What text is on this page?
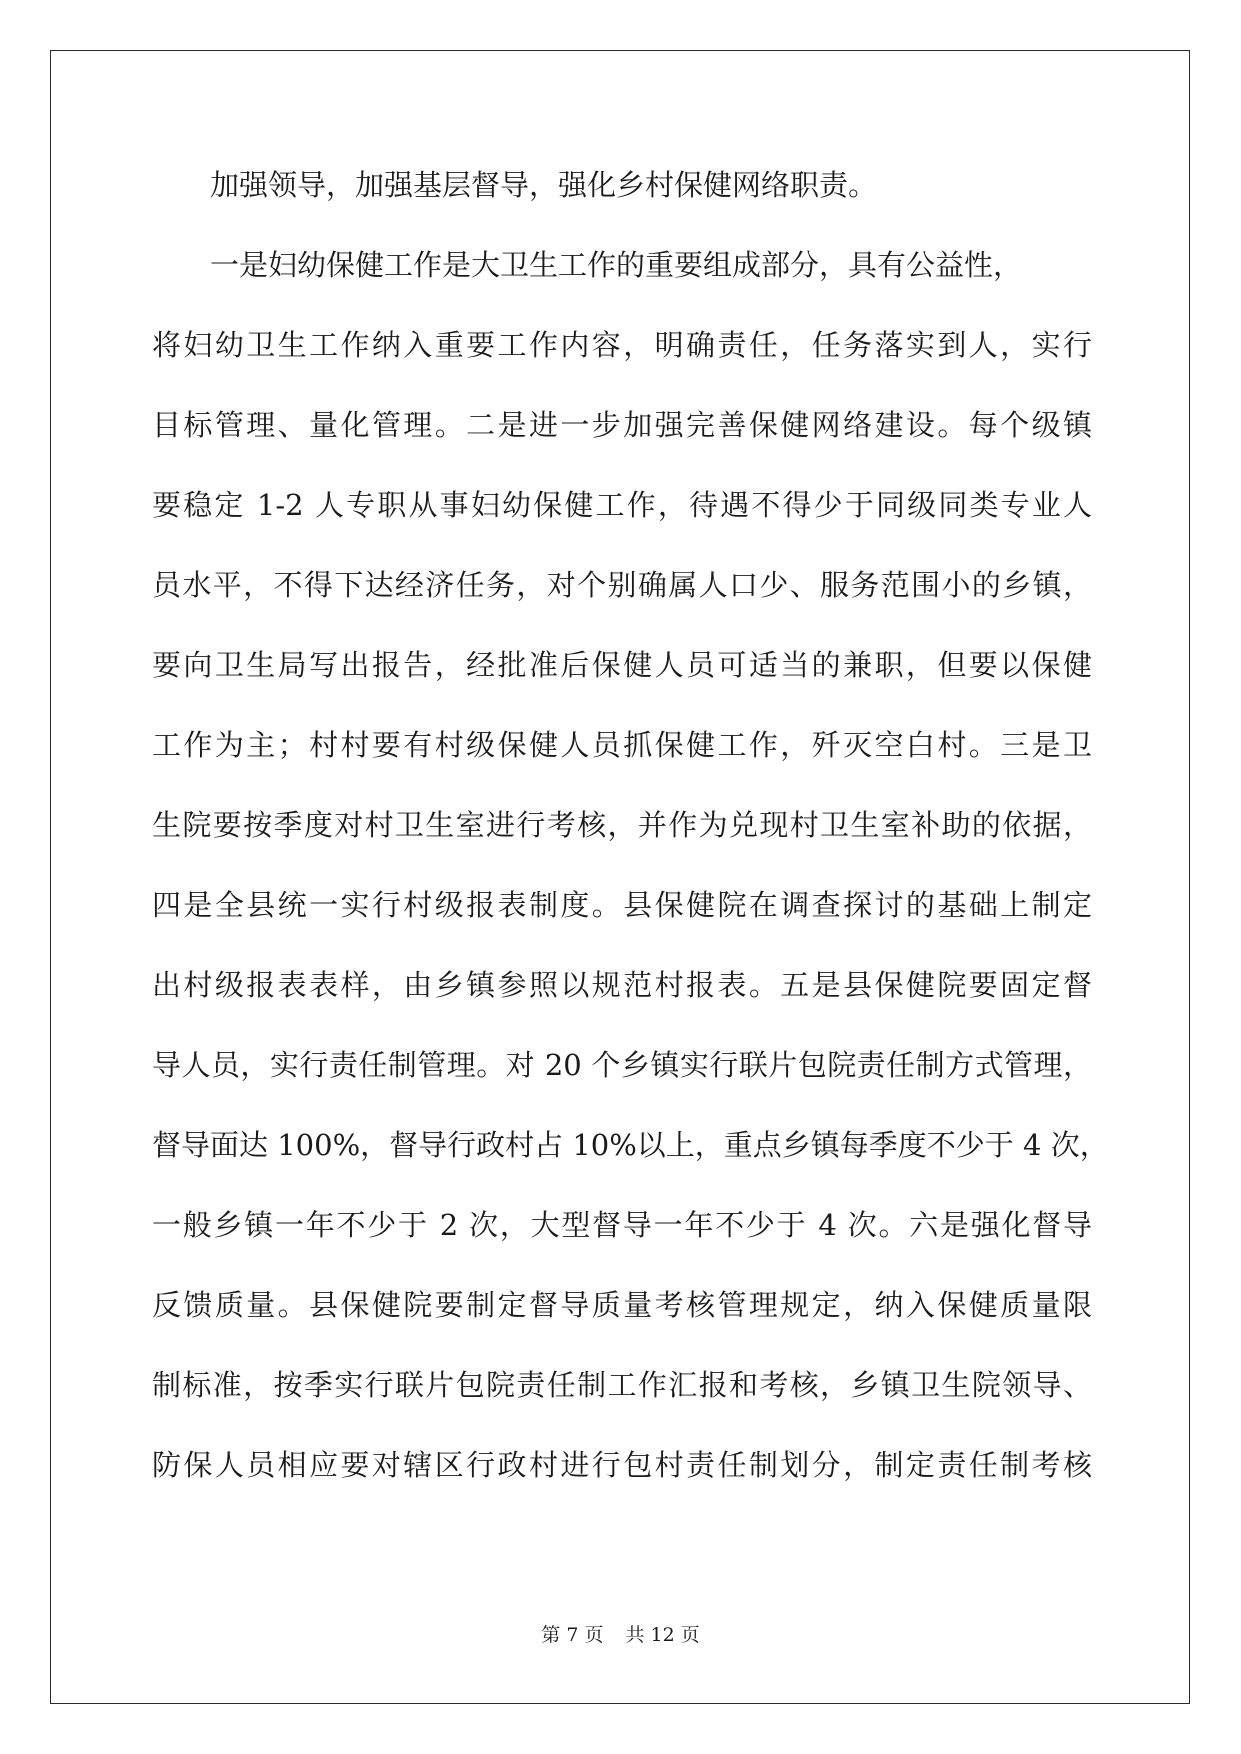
加强领导，加强基层督导，强化乡村保健网络职责。
一是妇幼保健工作是大卫生工作的重要组成部分，具有公益性，
将妇幼卫生工作纳入重要工作内容，明确责任，任务落实到人，实行
目标管理、量化管理。二是进一步加强完善保健网络建设。每个级镇
要稳定 1-2 人专职从事妇幼保健工作，待遇不得少于同级同类专业人
员水平，不得下达经济任务，对个别确属人口少、服务范围小的乡镇，
要向卫生局写出报告，经批准后保健人员可适当的兼职，但要以保健
工作为主；村村要有村级保健人员抓保健工作，歼灭空白村。三是卫
生院要按季度对村卫生室进行考核，并作为兑现村卫生室补助的依据，
四是全县统一实行村级报表制度。县保健院在调查探讨的基础上制定
出村级报表表样，由乡镇参照以规范村报表。五是县保健院要固定督
导人员，实行责任制管理。对 20 个乡镇实行联片包院责任制方式管理，
督导面达 100%，督导行政村占 10%以上，重点乡镇每季度不少于 4 次，
一般乡镇一年不少于 2 次，大型督导一年不少于 4 次。六是强化督导
反馈质量。县保健院要制定督导质量考核管理规定，纳入保健质量限
制标准，按季实行联片包院责任制工作汇报和考核，乡镇卫生院领导、
防保人员相应要对辖区行政村进行包村责任制划分，制定责任制考核
第 7 页 共 12 页
